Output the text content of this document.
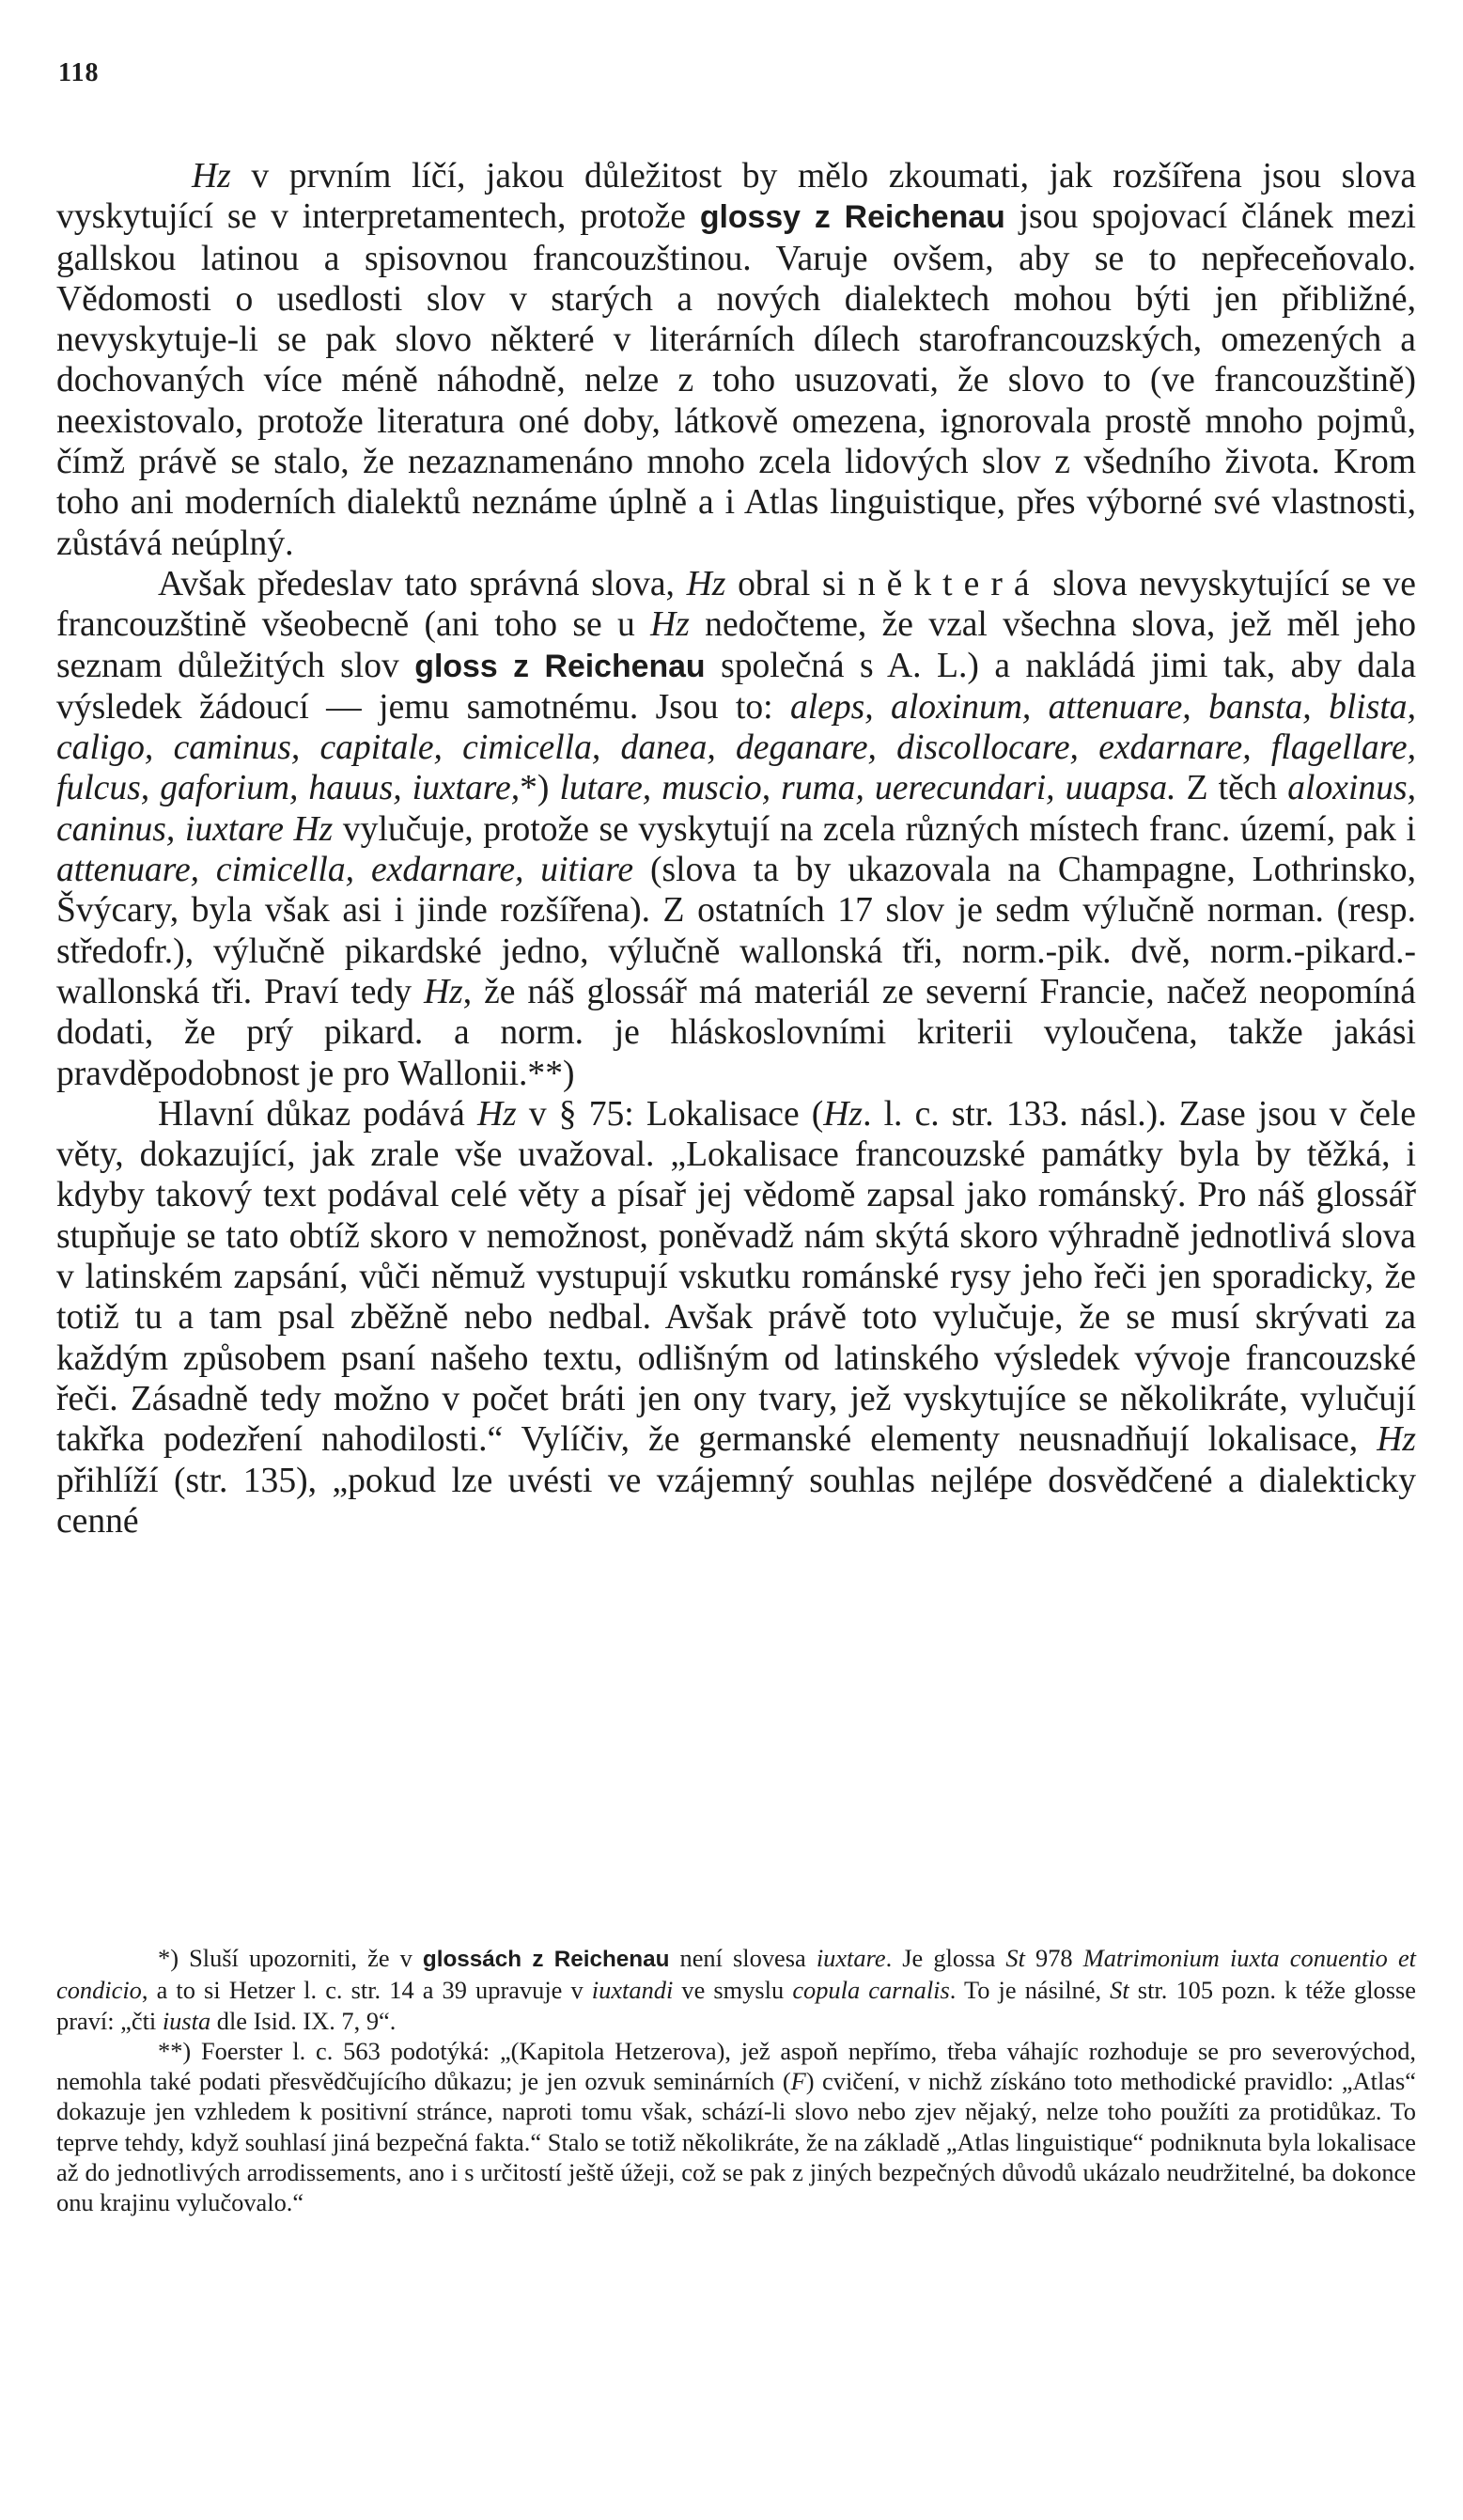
118

Hz v prvním líčí, jakou důležitost by mělo zkoumati, jak rozšířena jsou slova vyskytující se v interpretamentech, protože glossy z Reichenau jsou spojovací článek mezi gallskou latinou a spisovnou francouzštinou. Varuje ovšem, aby se to nepřeceňovalo. Vědomosti o usedlosti slov v starých a nových dialektech mohou býti jen přibližné, nevyskytuje-li se pak slovo některé v literárních dílech starofrancouzských, omezených a dochovaných více méně náhodně, nelze z toho usuzovati, že slovo to (ve francouzštině) neexistovalo, protože literatura oné doby, látkově omezena, ignorovala prostě mnoho pojmů, čímž právě se stalo, že nezaznamenáno mnoho zcela lidových slov z všedního života. Krom toho ani moderních dialektů neznáme úplně a i Atlas linguistique, přes výborné své vlastnosti, zůstává neúplný.

Avšak předeslav tato správná slova, Hz obral si některá slova nevyskytující se ve francouzštině všeobecně (ani toho se u Hz nedočteme, že vzal všechna slova, jež měl jeho seznam důležitých slov gloss z Reichenau společná s A. L.) a nakládá jimi tak, aby dala výsledek žádoucí — jemu samotnému. Jsou to: aleps, aloxinum, attenuare, bansta, blista, caligo, caminus, capitale, cimicella, danea, deganare, discollocare, exdarnare, flagellare, fulcus, gaforium, hauus, iuxtare,*) lutare, muscio, ruma, uerecundari, uuapsa. Z těch aloxinus, caninus, iuxtare Hz vylučuje, protože se vyskytují na zcela různých místech franc. území, pak i attenuare, cimicella, exdarnare, uitiare (slova ta by ukazovala na Champagne, Lothrinsko, Švýcary, byla však asi i jinde rozšířena). Z ostatních 17 slov je sedm výlučně norman. (resp. středofr.), výlučně pikardské jedno, výlučně wallonská tři, norm.-pik. dvě, norm.-pikard.-wallonská tři. Praví tedy Hz, že náš glossář má materiál ze severní Francie, načež neopomíná dodati, že prý pikard. a norm. je hláskoslovními kriterii vyloučena, takže jakási pravděpodobnost je pro Wallonii.**)

Hlavní důkaz podává Hz v § 75: Lokalisace (Hz. l. c. str. 133. násl.). Zase jsou v čele věty, dokazující, jak zrale vše uvažoval. „Lokalisace francouzské památky byla by těžká, i kdyby takový text podával celé věty a písař jej vědomě zapsal jako románský. Pro náš glossář stupňuje se tato obtíž skoro v nemožnost, poněvadž nám skýtá skoro výhradně jednotlivá slova v latinském zapsání, vůči němuž vystupují vskutku románské rysy jeho řeči jen sporadicky, že totiž tu a tam psal zběžně nebo nedbal. Avšak právě toto vylučuje, že se musí skrývati za každým způsobem psaní našeho textu, odlišným od latinského výsledek vývoje francouzské řeči. Zásadně tedy možno v počet bráti jen ony tvary, jež vyskytujíce se několikráte, vylučují takřka podezření nahodilosti.“ Vylíčiv, že germanské elementy neusnadňují lokalisace, Hz přihlíží (str. 135), „pokud lze uvésti ve vzájemný souhlas nejlépe dosvědčené a dialekticky cenné

*) Sluší upozorniti, že v glossách z Reichenau není slovesa iuxtare. Je glossa St 978 Matrimonium iuxta conuentio et condicio, a to si Hetzer l. c. str. 14 a 39 upravuje v iuxtandi ve smyslu copula carnalis. To je násilné, St str. 105 pozn. k téže glosse praví: „čti iusta dle Isid. IX. 7, 9“.

**) Foerster l. c. 563 podotýká: „(Kapitola Hetzerova), jež aspoň nepřímo, třeba váhajíc rozhoduje se pro severovýchod, nemohla také podati přesvědčujícího důkazu; je jen ozvuk seminárních (F) cvičení, v nichž získáno toto methodické pravidlo: „Atlas“ dokazuje jen vzhledem k positivní stránce, naproti tomu však, schází-li slovo nebo zjev nějaký, nelze toho použíti za protidůkaz. To teprve tehdy, když souhlasí jiná bezpečná fakta.“ Stalo se totiž několikráte, že na základě „Atlas linguistique“ podniknuta byla lokalisace až do jednotlivých arrodissements, ano i s určitostí ještě úžeji, což se pak z jiných bezpečných důvodů ukázalo neudržitelné, ba dokonce onu krajinu vylučovalo.“
